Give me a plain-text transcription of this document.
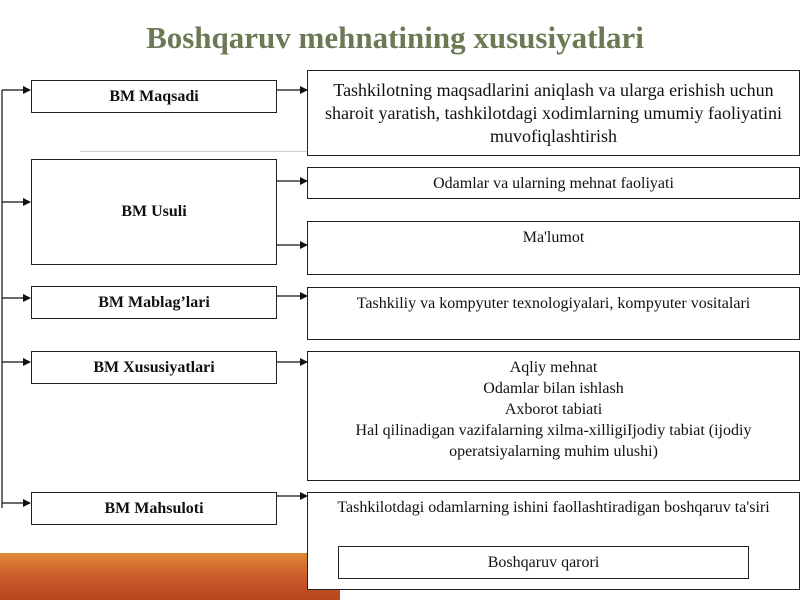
Boshqaruv mehnatining xususiyatlari
BM Maqsadi
BM Usuli
BM Mablag’lari
BM Xususiyatlari
BM Mahsuloti
Tashkilotning maqsadlarini aniqlash va ularga erishish uchun sharoit yaratish, tashkilotdagi xodimlarning umumiy faoliyatini muvofiqlashtirish
Odamlar va ularning mehnat faoliyati
Ma'lumot
Tashkiliy va kompyuter texnologiyalari, kompyuter vositalari
Aqliy mehnat
Odamlar bilan ishlash
Axborot tabiati
Hal qilinadigan vazifalarning xilma-xilligiIjodiy tabiat (ijodiy operatsiyalarning muhim ulushi)
Tashkilotdagi odamlarning ishini faollashtiradigan boshqaruv ta'siri
Boshqaruv qarori
